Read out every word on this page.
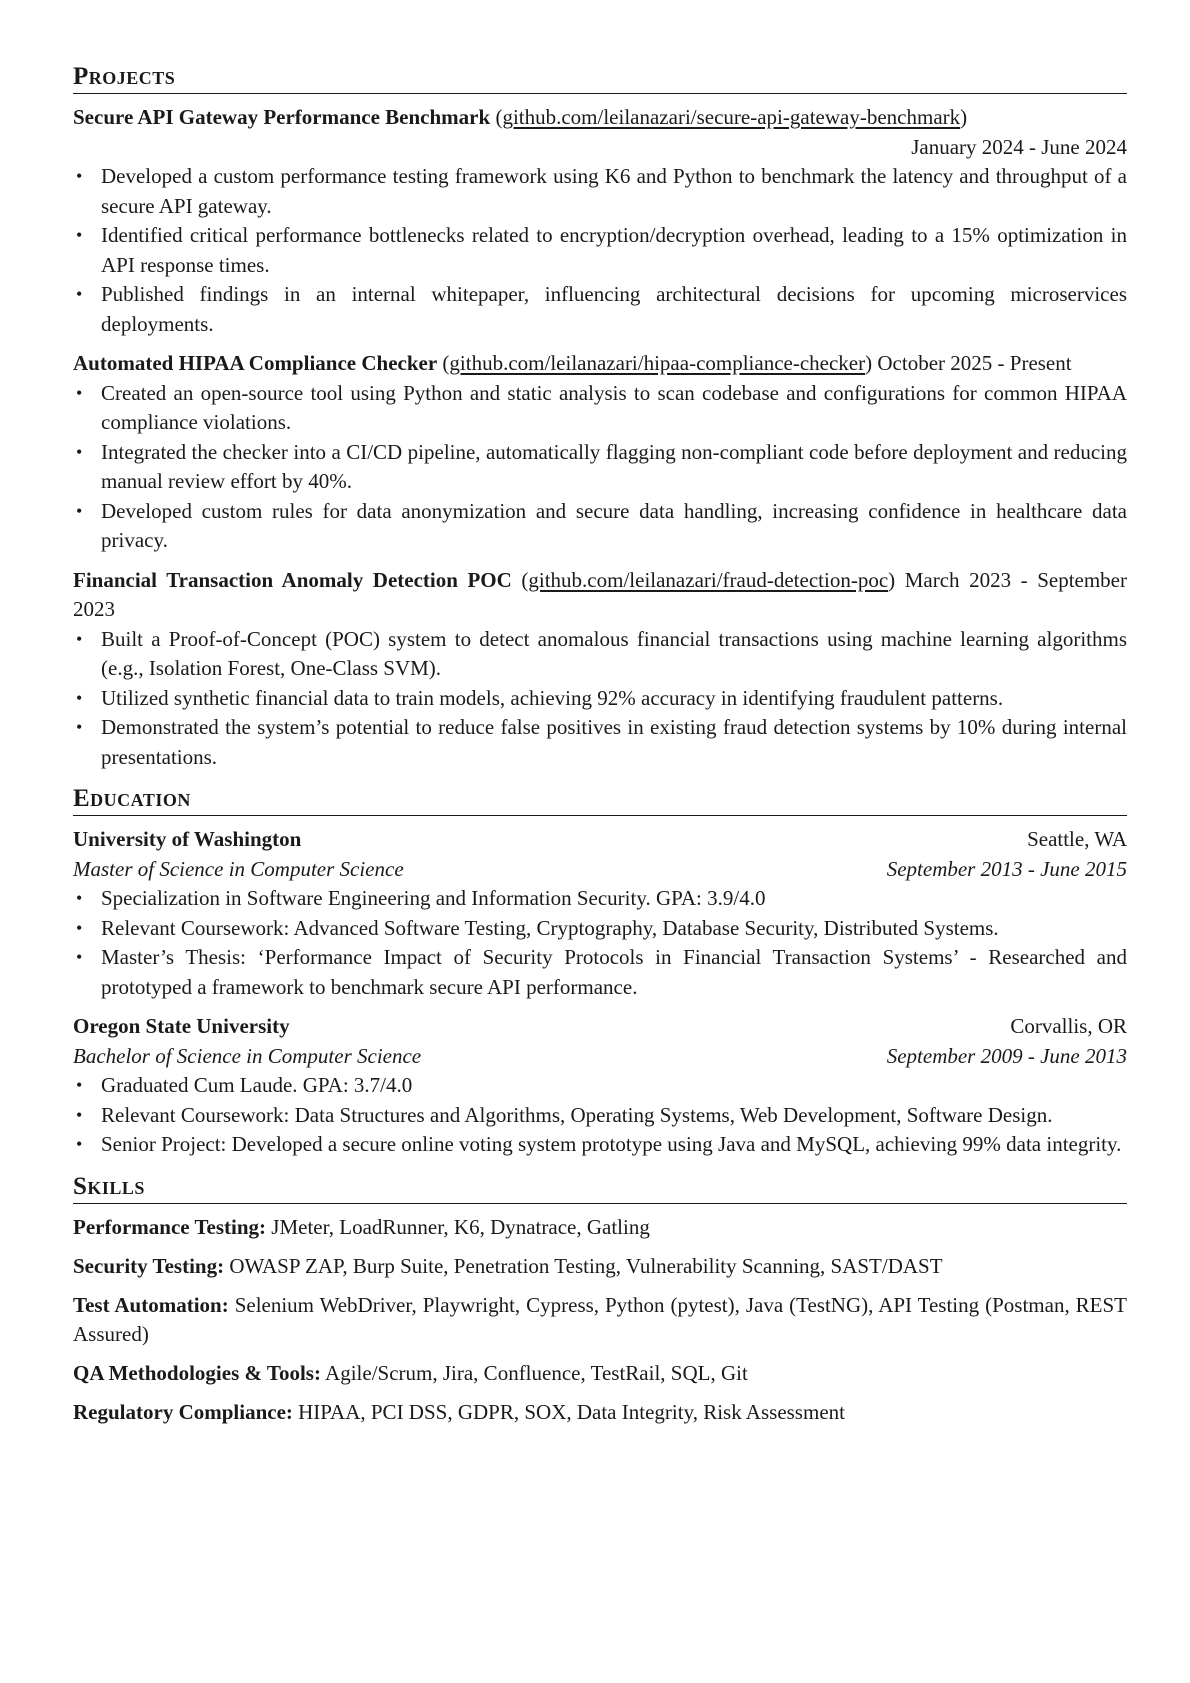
Projects
Secure API Gateway Performance Benchmark (github.com/leilanazari/secure-api-gateway-benchmark)
January 2024 - June 2024
• Developed a custom performance testing framework using K6 and Python to benchmark the latency and throughput of a secure API gateway.
• Identified critical performance bottlenecks related to encryption/decryption overhead, leading to a 15% optimization in API response times.
• Published findings in an internal whitepaper, influencing architectural decisions for upcoming microservices deployments.
Automated HIPAA Compliance Checker (github.com/leilanazari/hipaa-compliance-checker) October 2025 - Present
• Created an open-source tool using Python and static analysis to scan codebase and configurations for common HIPAA compliance violations.
• Integrated the checker into a CI/CD pipeline, automatically flagging non-compliant code before deployment and reducing manual review effort by 40%.
• Developed custom rules for data anonymization and secure data handling, increasing confidence in healthcare data privacy.
Financial Transaction Anomaly Detection POC (github.com/leilanazari/fraud-detection-poc) March 2023 - September 2023
• Built a Proof-of-Concept (POC) system to detect anomalous financial transactions using machine learning algorithms (e.g., Isolation Forest, One-Class SVM).
• Utilized synthetic financial data to train models, achieving 92% accuracy in identifying fraudulent patterns.
• Demonstrated the system’s potential to reduce false positives in existing fraud detection systems by 10% during internal presentations.
Education
University of Washington	Seattle, WA
Master of Science in Computer Science	September 2013 - June 2015
• Specialization in Software Engineering and Information Security. GPA: 3.9/4.0
• Relevant Coursework: Advanced Software Testing, Cryptography, Database Security, Distributed Systems.
• Master’s Thesis: ‘Performance Impact of Security Protocols in Financial Transaction Systems’ - Researched and prototyped a framework to benchmark secure API performance.
Oregon State University	Corvallis, OR
Bachelor of Science in Computer Science	September 2009 - June 2013
• Graduated Cum Laude. GPA: 3.7/4.0
• Relevant Coursework: Data Structures and Algorithms, Operating Systems, Web Development, Software Design.
• Senior Project: Developed a secure online voting system prototype using Java and MySQL, achieving 99% data integrity.
Skills
Performance Testing: JMeter, LoadRunner, K6, Dynatrace, Gatling
Security Testing: OWASP ZAP, Burp Suite, Penetration Testing, Vulnerability Scanning, SAST/DAST
Test Automation: Selenium WebDriver, Playwright, Cypress, Python (pytest), Java (TestNG), API Testing (Postman, REST Assured)
QA Methodologies & Tools: Agile/Scrum, Jira, Confluence, TestRail, SQL, Git
Regulatory Compliance: HIPAA, PCI DSS, GDPR, SOX, Data Integrity, Risk Assessment
